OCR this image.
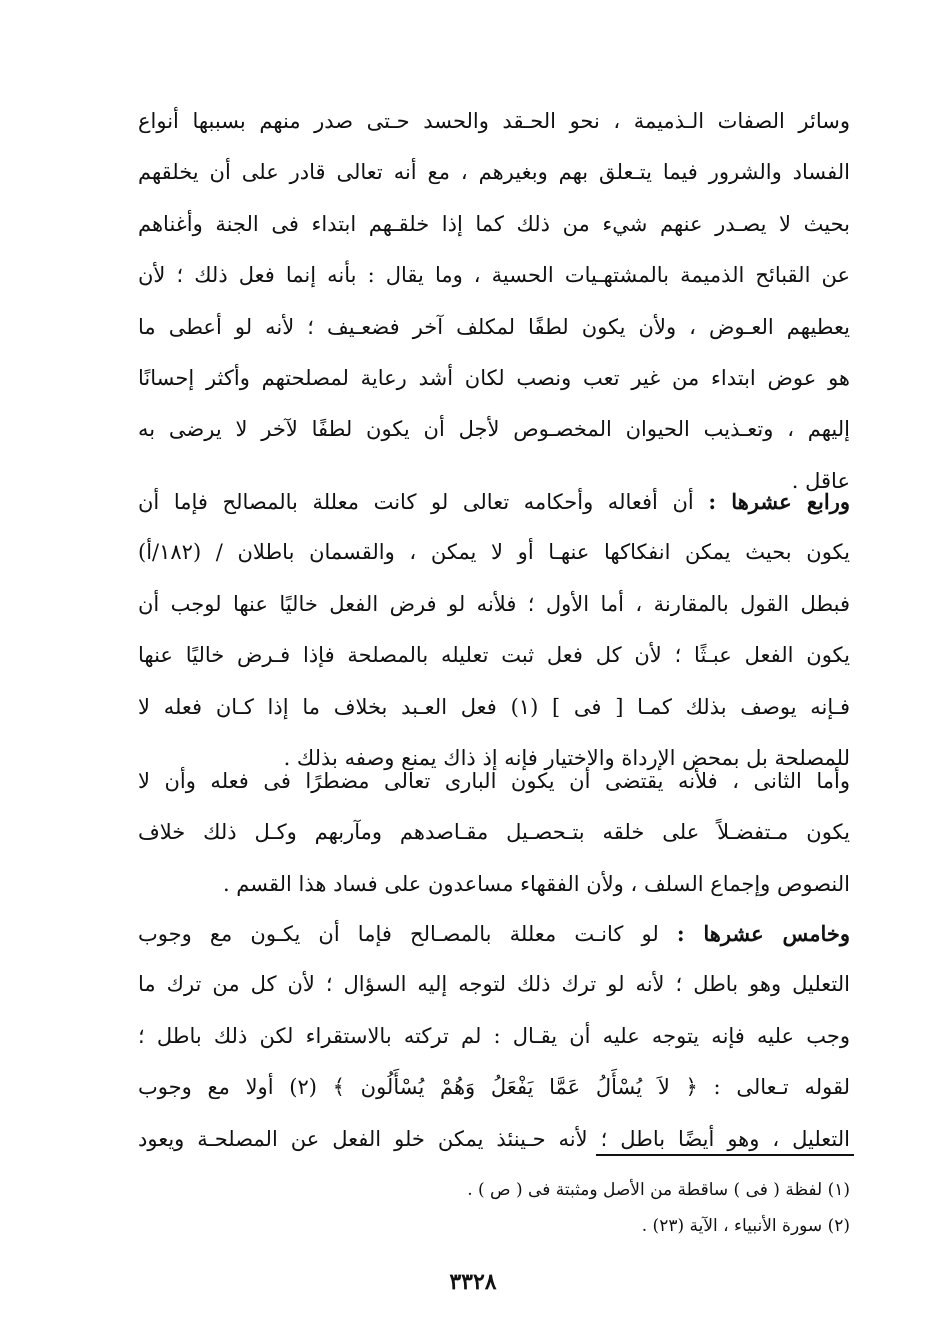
وسائر الصفات الـذميمة ، نحو الحـقد والحسد حـتى صدر منهم بسببها أنواع
الفساد والشرور فيما يتـعلق بهم وبغيرهم ، مع أنه تعالى قادر على أن يخلقهم
بحيث لا يصـدر عنهم شيء من ذلك كما إذا خلقـهم ابتداء فى الجنة وأغناهم
عن القبائح الذميمة بالمشتهـيات الحسية ، وما يقال : بأنه إنما فعل ذلك ؛ لأن
يعطيهم العـوض ، ولأن يكون لطفًا لمكلف آخر فضعـيف ؛ لأنه لو أعطى ما
هو عوض ابتداء من غير تعب ونصب لكان أشد رعاية لمصلحتهم وأكثر إحسانًا
إليهم ، وتعـذيب الحيوان المخصـوص لأجل أن يكون لطفًا لآخر لا يرضى به
عاقل .
ورابع عشرها : أن أفعاله وأحكامه تعالى لو كانت معللة بالمصالح فإما أن
يكون بحيث يمكن انفكاكها عنهـا أو لا يمكن ، والقسمان باطلان / (١٨٢/أ)
فبطل القول بالمقارنة ، أما الأول ؛ فلأنه لو فرض الفعل خاليًا عنها لوجب أن
يكون الفعل عبـثًا ؛ لأن كل فعل ثبت تعليله بالمصلحة فإذا فـرض خاليًا عنها
فـإنه يوصف بذلك كمـا [ فى ] (١) فعل العـبد بخلاف ما إذا كـان فعله لا
للمصلحة بل بمحض الإرداة والاختيار فإنه إذ ذاك يمنع وصفه بذلك .
وأما الثانى ، فلأنه يقتضى أن يكون البارى تعالى مضطرًا فى فعله وأن لا
يكون مـتفضـلاً على خلقه بتـحصـيل مقـاصدهم ومآربهم وكـل ذلك خلاف
النصوص وإجماع السلف ، ولأن الفقهاء مساعدون على فساد هذا القسم .
وخامس عشرها : لو كانـت معللة بالمصـالح فإما أن يكـون مع وجوب
التعليل وهو باطل ؛ لأنه لو ترك ذلك لتوجه إليه السؤال ؛ لأن كل من ترك ما
وجب عليه فإنه يتوجه عليه أن يقـال : لم تركته بالاستقراء لكن ذلك باطل ؛
لقوله تـعالى : ﴿ لاَ يُسْأَلُ عَمَّا يَفْعَلُ وَهُمْ يُسْأَلُون ﴾ (٢) أولا مع وجوب
التعليل ، وهو أيضًا باطل ؛ لأنه حـينئذ يمكن خلو الفعل عن المصلحـة ويعود
(١) لفظة ( فى ) ساقطة من الأصل ومثبتة فى ( ص ) .
(٢) سورة الأنبياء ، الآية (٢٣) .
٣٣٢٨
